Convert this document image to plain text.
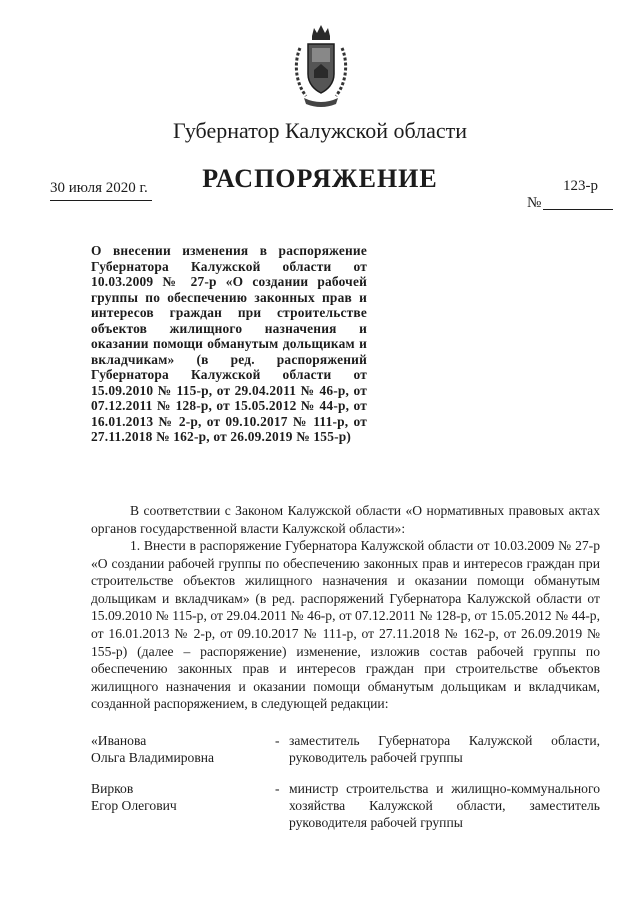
Губернатор Калужской области
РАСПОРЯЖЕНИЕ
30 июля 2020 г.	123-р
№
О внесении изменения в распоряжение Губернатора Калужской области от 10.03.2009 № 27-р «О создании рабочей группы по обеспечению законных прав и интересов граждан при строительстве объектов жилищного назначения и оказании помощи обманутым дольщикам и вкладчикам» (в ред. распоряжений Губернатора Калужской области от 15.09.2010 № 115-р, от 29.04.2011 № 46-р, от 07.12.2011 № 128-р, от 15.05.2012 № 44-р, от 16.01.2013 № 2-р, от 09.10.2017 № 111-р, от 27.11.2018 № 162-р, от 26.09.2019 № 155-р)
В соответствии с Законом Калужской области «О нормативных правовых актах органов государственной власти Калужской области»:
1. Внести в распоряжение Губернатора Калужской области от 10.03.2009 № 27-р «О создании рабочей группы по обеспечению законных прав и интересов граждан при строительстве объектов жилищного назначения и оказании помощи обманутым дольщикам и вкладчикам» (в ред. распоряжений Губернатора Калужской области от 15.09.2010 № 115-р, от 29.04.2011 № 46-р, от 07.12.2011 № 128-р, от 15.05.2012 № 44-р, от 16.01.2013 № 2-р, от 09.10.2017 № 111-р, от 27.11.2018 № 162-р, от 26.09.2019 № 155-р) (далее – распоряжение) изменение, изложив состав рабочей группы по обеспечению законных прав и интересов граждан при строительстве объектов жилищного назначения и оказании помощи обманутым дольщикам и вкладчикам, созданной распоряжением, в следующей редакции:
«Иванова
Ольга Владимировна
- заместитель Губернатора Калужской области, руководитель рабочей группы
Вирков
Егор Олегович
- министр строительства и жилищно-коммунального хозяйства Калужской области, заместитель руководителя рабочей группы
